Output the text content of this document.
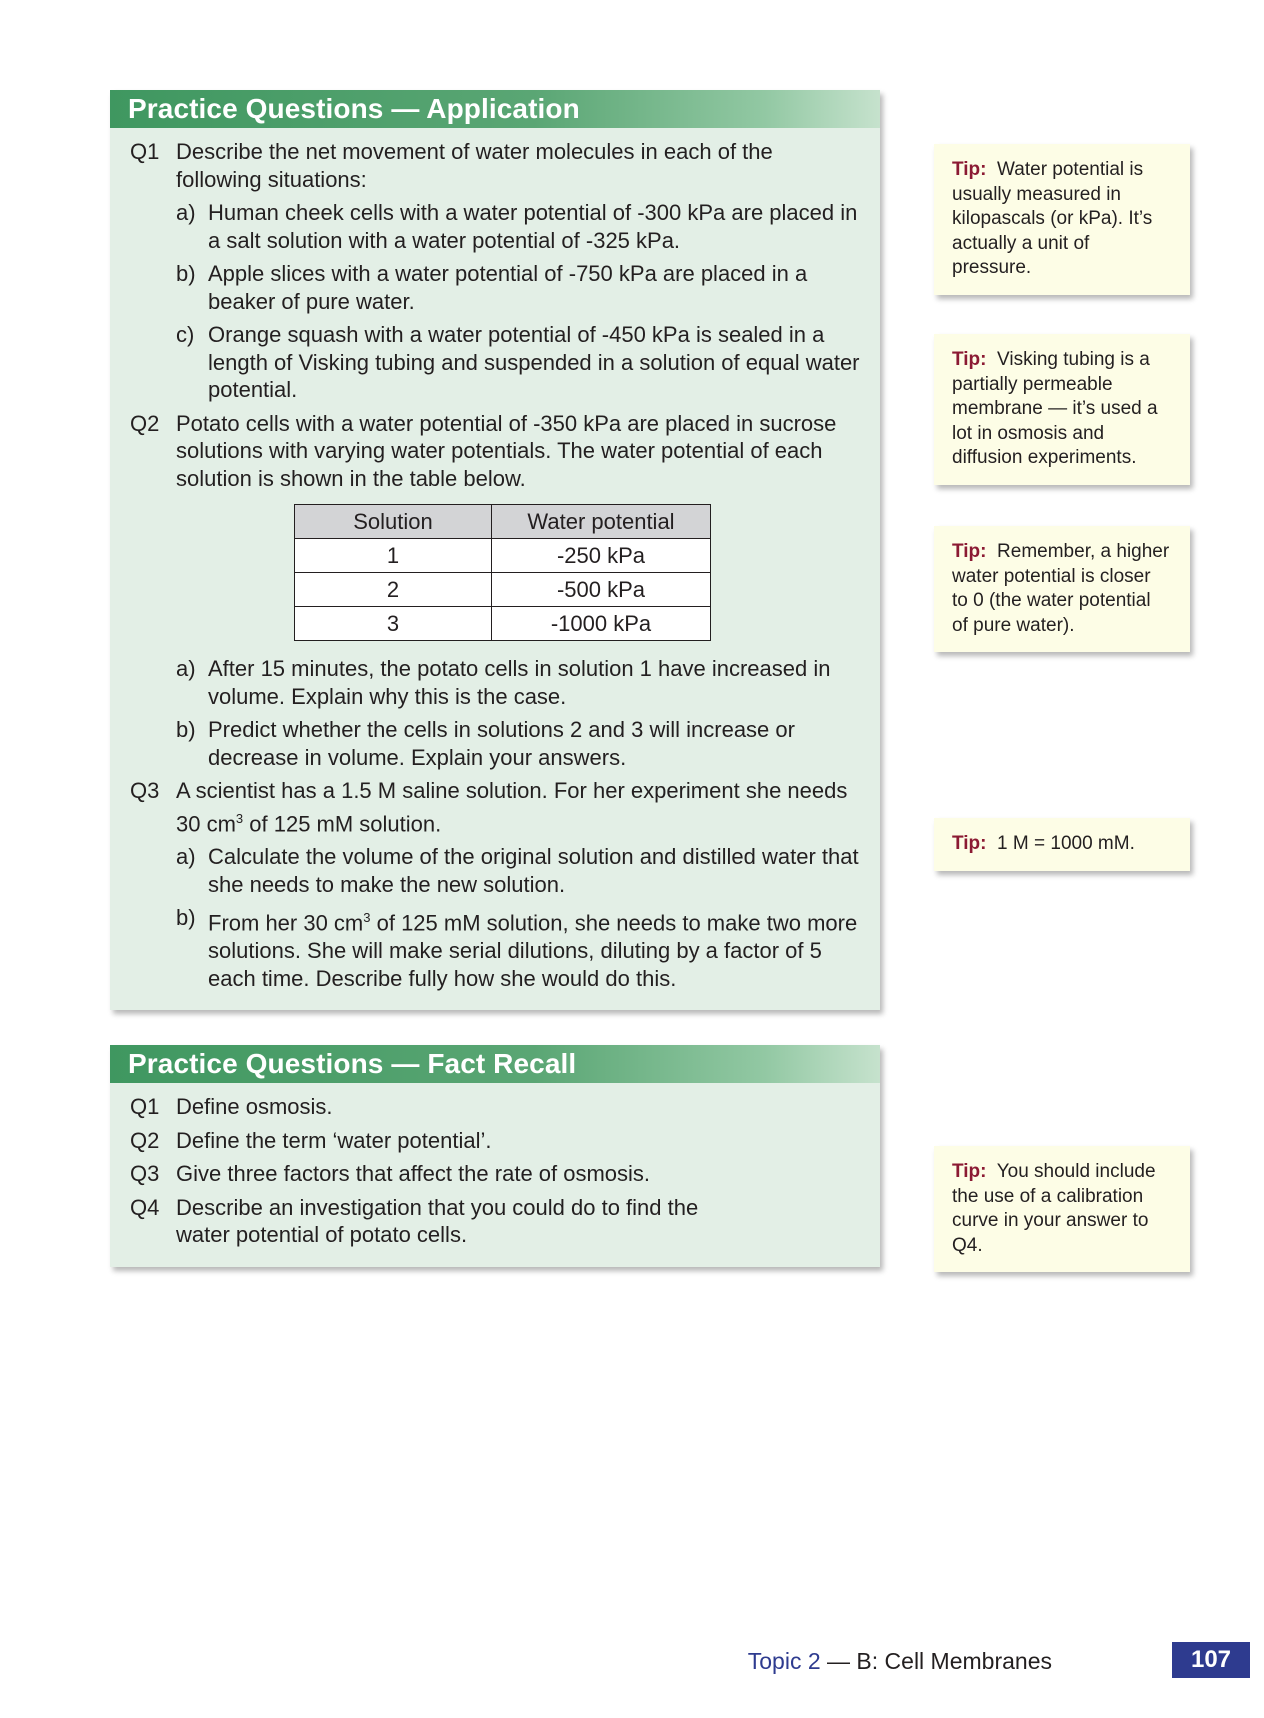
Practice Questions — Application
Q1 Describe the net movement of water molecules in each of the following situations:
a) Human cheek cells with a water potential of -300 kPa are placed in a salt solution with a water potential of -325 kPa.
b) Apple slices with a water potential of -750 kPa are placed in a beaker of pure water.
c) Orange squash with a water potential of -450 kPa is sealed in a length of Visking tubing and suspended in a solution of equal water potential.
Q2 Potato cells with a water potential of -350 kPa are placed in sucrose solutions with varying water potentials. The water potential of each solution is shown in the table below.
Solution	Water potential
1	-250 kPa
2	-500 kPa
3	-1000 kPa
a) After 15 minutes, the potato cells in solution 1 have increased in volume. Explain why this is the case.
b) Predict whether the cells in solutions 2 and 3 will increase or decrease in volume. Explain your answers.
Q3 A scientist has a 1.5 M saline solution. For her experiment she needs 30 $cm^3$ of 125 mM solution.
a) Calculate the volume of the original solution and distilled water that she needs to make the new solution.
b) From her 30 $cm^3$ of 125 mM solution, she needs to make two more solutions. She will make serial dilutions, diluting by a factor of 5 each time. Describe fully how she would do this.
Practice Questions — Fact Recall
Q1 Define osmosis.
Q2 Define the term ‘water potential’.
Q3 Give three factors that affect the rate of osmosis.
Q4 Describe an investigation that you could do to find the water potential of potato cells.
Tip: Water potential is usually measured in kilopascals (or kPa). It’s actually a unit of pressure.
Tip: Visking tubing is a partially permeable membrane — it’s used a lot in osmosis and diffusion experiments.
Tip: Remember, a higher water potential is closer to 0 (the water potential of pure water).
Tip: 1 M = 1000 mM.
Tip: You should include the use of a calibration curve in your answer to Q4.
Topic 2 — B: Cell Membranes	107
